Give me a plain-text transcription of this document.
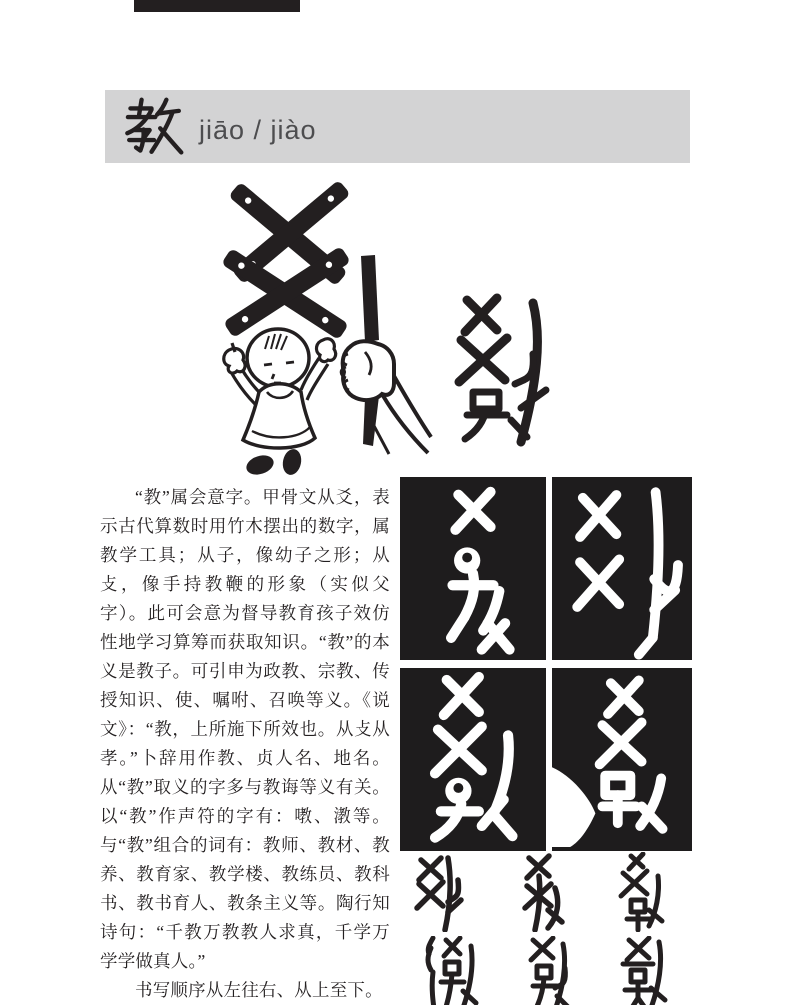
jiāo / jiào

“教”属会意字。甲骨文从爻，表示古代算数时用竹木摆出的数字，属教学工具；从子，像幼子之形；从攴，像手持教鞭的形象（实似父字）。此可会意为督导教育孩子效仿性地学习算筹而获取知识。“教”的本义是教子。可引申为政教、宗教、传授知识、使、嘱咐、召唤等义。《说文》：“教，上所施下所效也。从攴从孝。”卜辞用作教、贞人名、地名。从“教”取义的字多与教诲等义有关。以“教”作声符的字有：嘋、漖等。与“教”组合的词有：教师、教材、教养、教育家、教学楼、教练员、教科书、教书育人、教条主义等。陶行知诗句：“千教万教教人求真，千学万学学做真人。”

书写顺序从左往右、从上至下。
